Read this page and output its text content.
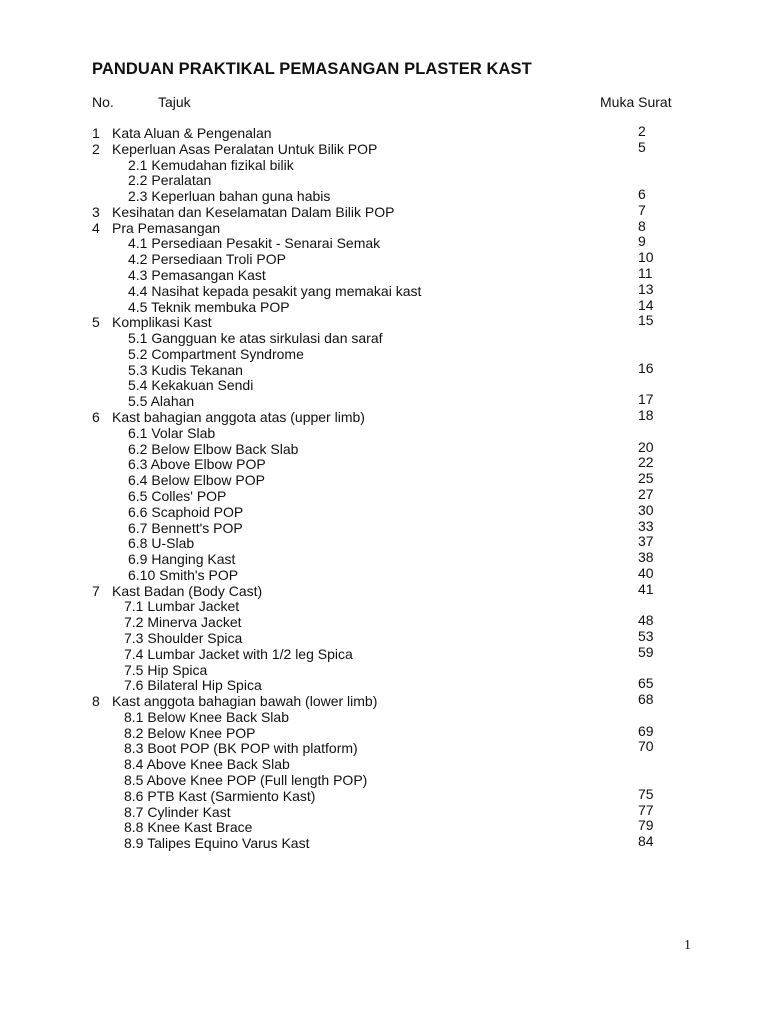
PANDUAN PRAKTIKAL PEMASANGAN PLASTER KAST
No.	Tajuk	Muka Surat
1 Kata Aluan & Pengenalan
2 Keperluan Asas Peralatan Untuk Bilik POP
2.1 Kemudahan fizikal bilik
2.2 Peralatan
2.3 Keperluan bahan guna habis
3 Kesihatan dan Keselamatan Dalam Bilik POP
4 Pra Pemasangan
4.1 Persediaan Pesakit - Senarai Semak
4.2 Persediaan Troli POP
4.3 Pemasangan Kast
4.4 Nasihat kepada pesakit yang memakai kast
4.5 Teknik membuka POP
5 Komplikasi Kast
5.1 Gangguan ke atas sirkulasi dan saraf
5.2 Compartment Syndrome
5.3 Kudis Tekanan
5.4 Kekakuan Sendi
5.5 Alahan
6 Kast bahagian anggota atas (upper limb)
6.1 Volar Slab
6.2 Below Elbow Back Slab
6.3 Above Elbow POP
6.4 Below Elbow POP
6.5 Colles' POP
6.6 Scaphoid POP
6.7 Bennett's POP
6.8 U-Slab
6.9 Hanging Kast
6.10 Smith's POP
7 Kast Badan (Body Cast)
7.1 Lumbar Jacket
7.2 Minerva Jacket
7.3 Shoulder Spica
7.4 Lumbar Jacket with 1/2 leg Spica
7.5 Hip Spica
7.6 Bilateral Hip Spica
8 Kast anggota bahagian bawah (lower limb)
8.1 Below Knee Back Slab
8.2 Below Knee POP
8.3 Boot POP (BK POP with platform)
8.4 Above Knee Back Slab
8.5 Above Knee POP (Full length POP)
8.6 PTB Kast (Sarmiento Kast)
8.7 Cylinder Kast
8.8 Knee Kast Brace
8.9 Talipes Equino Varus Kast
2
5
6
7
8
9
10
11
13
14
15
16
17
18
20
22
25
27
30
33
37
38
40
41
48
53
59
65
68
69
70
75
77
79
84
1
